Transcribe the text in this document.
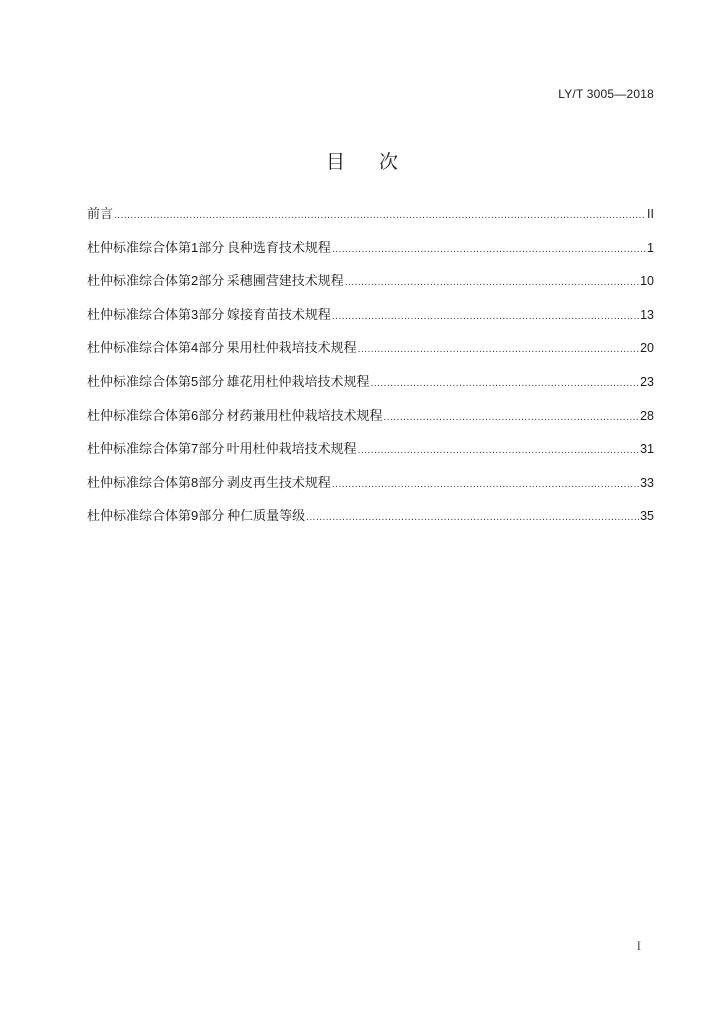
LY/T 3005—2018
目次
前言 .....	II
杜仲标准综合体第 1 部分 良种选育技术规程 .....	1
杜仲标准综合体第 2 部分 采穗圃营建技术规程 .....	10
杜仲标准综合体第 3 部分 嫁接育苗技术规程 .....	13
杜仲标准综合体第 4 部分 果用杜仲栽培技术规程 .....	20
杜仲标准综合体第 5 部分 雄花用杜仲栽培技术规程 .....	23
杜仲标准综合体第 6 部分 材药兼用杜仲栽培技术规程 .....	28
杜仲标准综合体第 7 部分 叶用杜仲栽培技术规程 .....	31
杜仲标准综合体第 8 部分 剥皮再生技术规程 .....	33
杜仲标准综合体第 9 部分 种仁质量等级 .....	35
I
